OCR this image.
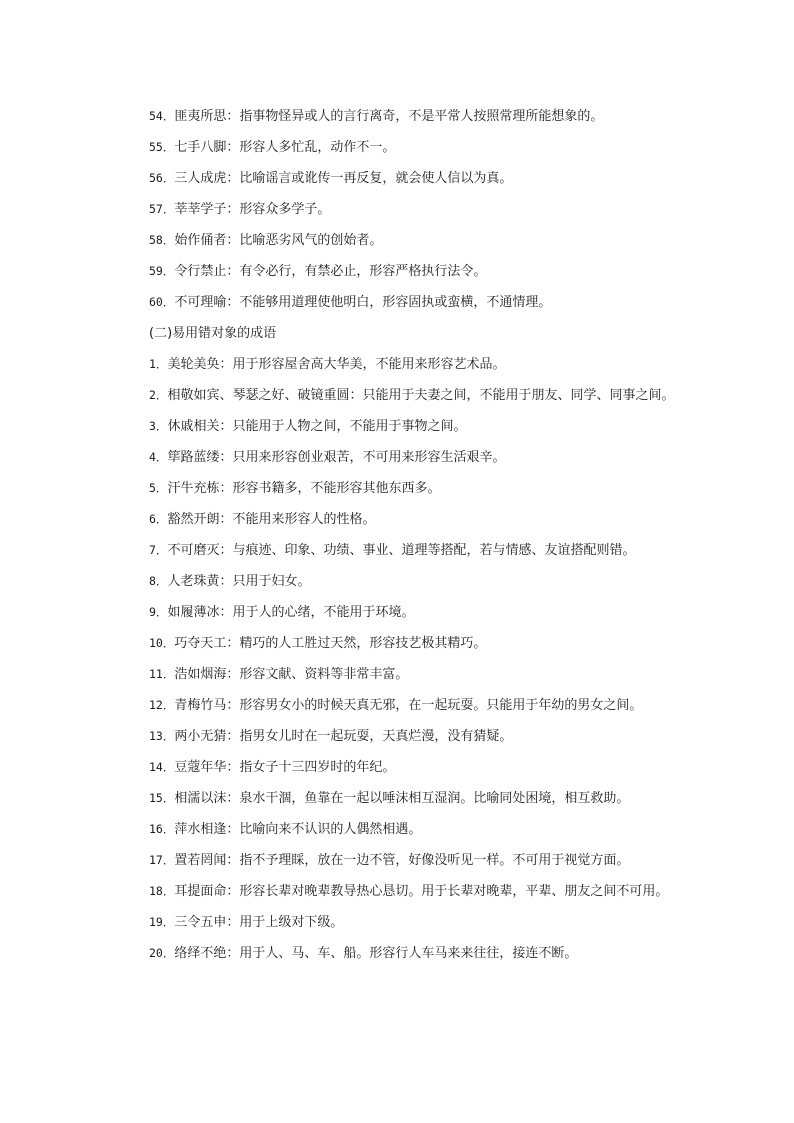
54．匪夷所思：指事物怪异或人的言行离奇，不是平常人按照常理所能想象的。

55．七手八脚：形容人多忙乱，动作不一。

56．三人成虎：比喻谣言或讹传一再反复，就会使人信以为真。

57．莘莘学子：形容众多学子。

58．始作俑者：比喻恶劣风气的创始者。

59．令行禁止：有令必行，有禁必止，形容严格执行法令。

60．不可理喻：不能够用道理使他明白，形容固执或蛮横，不通情理。

(二)易用错对象的成语

1．美轮美奂：用于形容屋舍高大华美，不能用来形容艺术品。

2．相敬如宾、琴瑟之好、破镜重圆：只能用于夫妻之间，不能用于朋友、同学、同事之间。

3．休戚相关：只能用于人物之间，不能用于事物之间。

4．筚路蓝缕：只用来形容创业艰苦，不可用来形容生活艰辛。

5．汗牛充栋：形容书籍多，不能形容其他东西多。

6．豁然开朗：不能用来形容人的性格。

7．不可磨灭：与痕迹、印象、功绩、事业、道理等搭配，若与情感、友谊搭配则错。

8．人老珠黄：只用于妇女。

9．如履薄冰：用于人的心绪，不能用于环境。

10．巧夺天工：精巧的人工胜过天然，形容技艺极其精巧。

11．浩如烟海：形容文献、资料等非常丰富。

12．青梅竹马：形容男女小的时候天真无邪，在一起玩耍。只能用于年幼的男女之间。

13．两小无猜：指男女儿时在一起玩耍，天真烂漫，没有猜疑。

14．豆蔻年华：指女子十三四岁时的年纪。

15．相濡以沫：泉水干涸，鱼靠在一起以唾沫相互湿润。比喻同处困境，相互救助。

16．萍水相逢：比喻向来不认识的人偶然相遇。

17．置若罔闻：指不予理睬，放在一边不管，好像没听见一样。不可用于视觉方面。

18．耳提面命：形容长辈对晚辈教导热心恳切。用于长辈对晚辈，平辈、朋友之间不可用。

19．三令五申：用于上级对下级。

20．络绎不绝：用于人、马、车、船。形容行人车马来来往往，接连不断。
